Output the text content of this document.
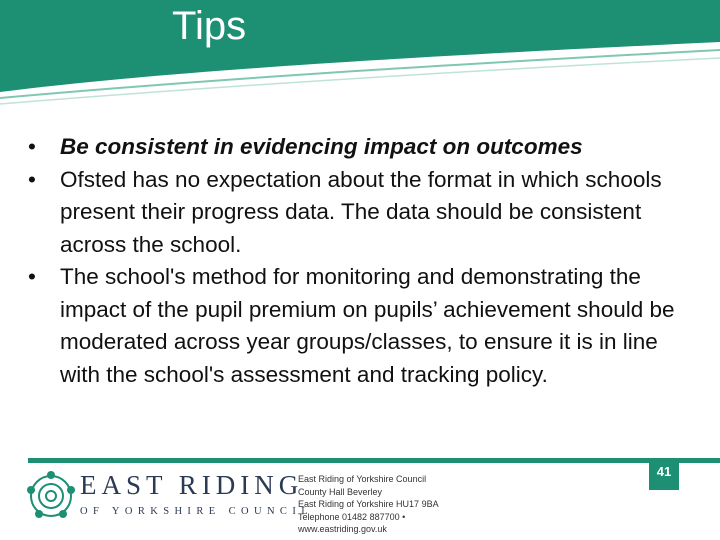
Tips
•	Be consistent in evidencing impact on outcomes
•	Ofsted has no expectation about the format in which schools present their progress data. The data should be consistent across the school.
•	The school's method for monitoring and demonstrating the impact of the pupil premium on pupils’ achievement should be moderated across year groups/classes, to ensure it is in line with the school's assessment and tracking policy.
EAST RIDING
OF YORKSHIRE COUNCIL
East Riding of Yorkshire Council
County Hall Beverley
East Riding of Yorkshire HU17 9BA
Telephone 01482 887700 •
www.eastriding.gov.uk
41
